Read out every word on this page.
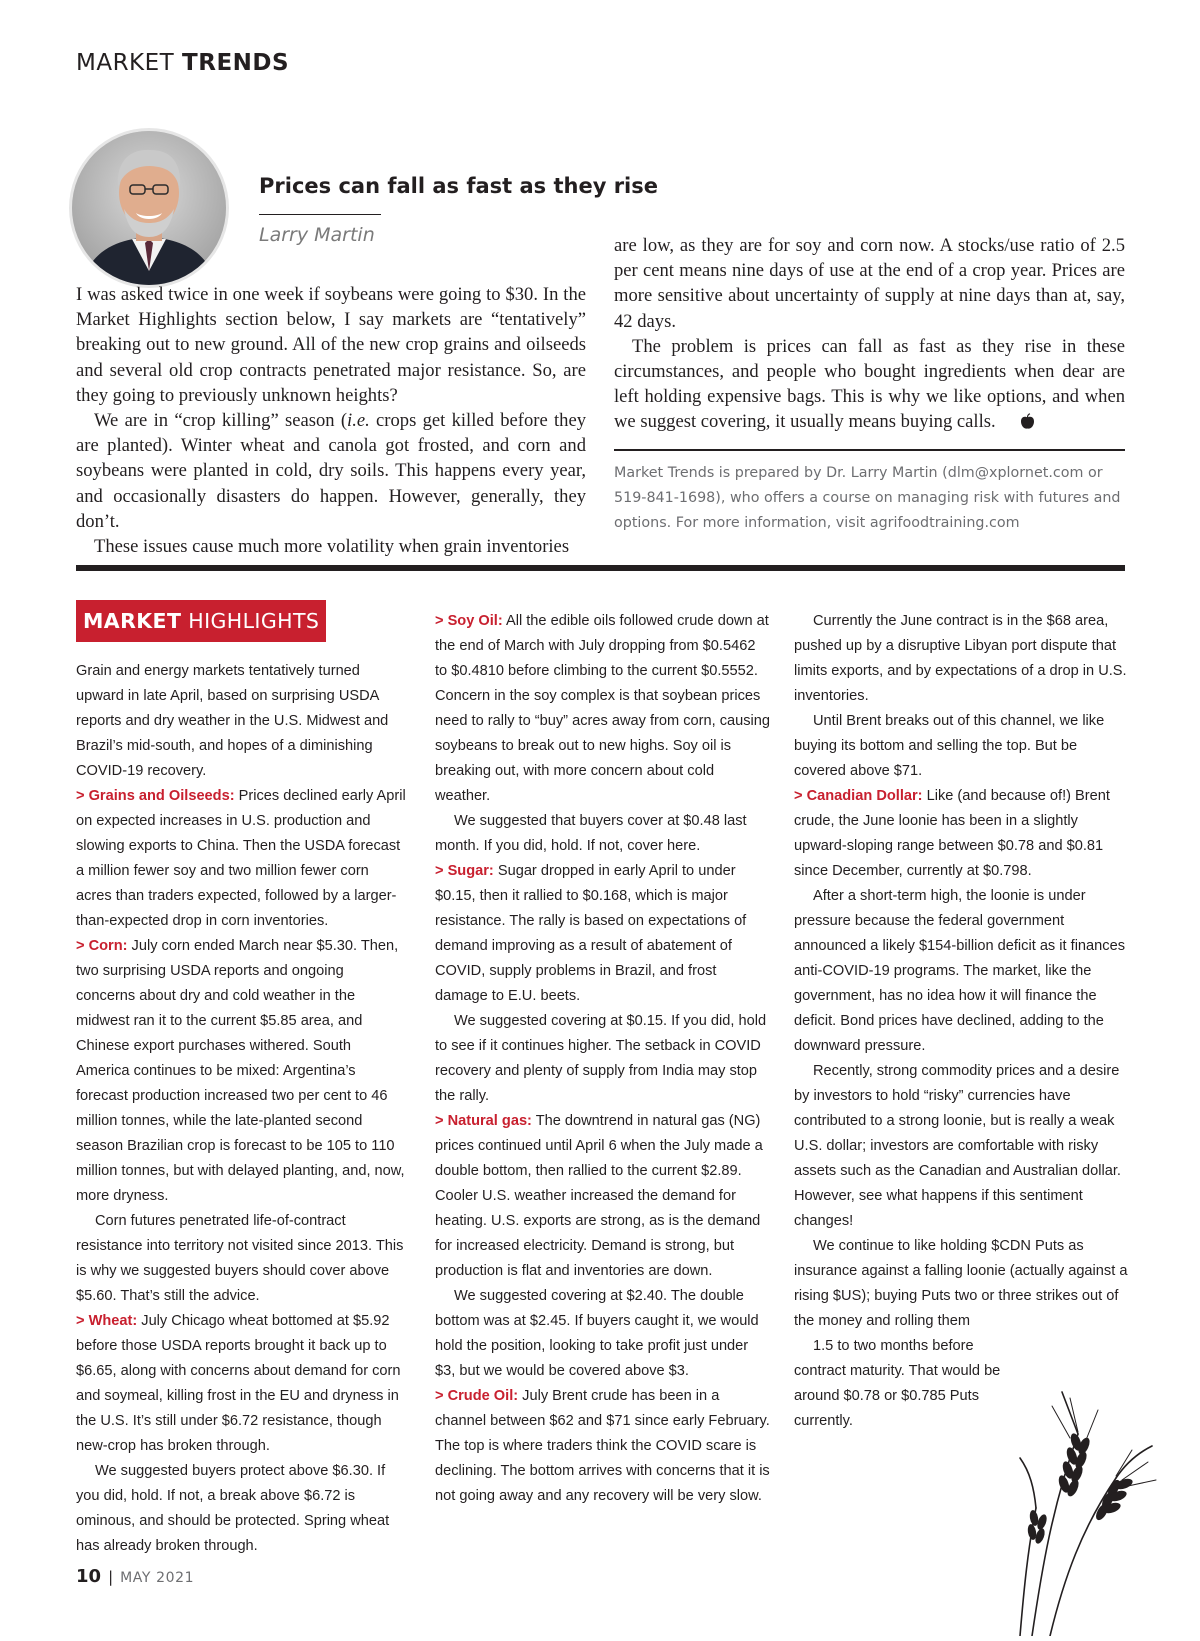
MARKET TRENDS
Prices can fall as fast as they rise
Larry Martin

I was asked twice in one week if soybeans were going to $30. In the Market Highlights section below, I say markets are “tentatively” breaking out to new ground. All of the new crop grains and oilseeds and several old crop contracts penetrated major resistance. So, are they going to previously unknown heights?

We are in “crop killing” season (i.e. crops get killed before they are planted). Winter wheat and canola got frosted, and corn and soybeans were planted in cold, dry soils. This happens every year, and occasionally disasters do happen. However, generally, they don’t.

These issues cause much more volatility when grain inventories

are low, as they are for soy and corn now. A stocks/use ratio of 2.5 per cent means nine days of use at the end of a crop year. Prices are more sensitive about uncertainty of supply at nine days than at, say, 42 days.

The problem is prices can fall as fast as they rise in these circumstances, and people who bought ingredients when dear are left holding expensive bags. This is why we like options, and when we suggest covering, it usually means buying calls.

Market Trends is prepared by Dr. Larry Martin (dlm@xplornet.com or 519-841-1698), who offers a course on managing risk with futures and options. For more information, visit agrifoodtraining.com
MARKET HIGHLIGHTS

Grain and energy markets tentatively turned upward in late April, based on surprising USDA reports and dry weather in the U.S. Midwest and Brazil’s mid-south, and hopes of a diminishing COVID-19 recovery.

> Grains and Oilseeds: Prices declined early April on expected increases in U.S. production and slowing exports to China. Then the USDA forecast a million fewer soy and two million fewer corn acres than traders expected, followed by a larger-than-expected drop in corn inventories.

> Corn: July corn ended March near $5.30. Then, two surprising USDA reports and ongoing concerns about dry and cold weather in the midwest ran it to the current $5.85 area, and Chinese export purchases withered. South America continues to be mixed: Argentina’s forecast production increased two per cent to 46 million tonnes, while the late-planted second season Brazilian crop is forecast to be 105 to 110 million tonnes, but with delayed planting, and, now, more dryness.

Corn futures penetrated life-of-contract resistance into territory not visited since 2013. This is why we suggested buyers should cover above $5.60. That’s still the advice.

> Wheat: July Chicago wheat bottomed at $5.92 before those USDA reports brought it back up to $6.65, along with concerns about demand for corn and soymeal, killing frost in the EU and dryness in the U.S. It’s still under $6.72 resistance, though new-crop has broken through.

We suggested buyers protect above $6.30. If you did, hold. If not, a break above $6.72 is ominous, and should be protected. Spring wheat has already broken through.

> Soy Oil: All the edible oils followed crude down at the end of March with July dropping from $0.5462 to $0.4810 before climbing to the current $0.5552. Concern in the soy complex is that soybean prices need to rally to “buy” acres away from corn, causing soybeans to break out to new highs. Soy oil is breaking out, with more concern about cold weather.

We suggested that buyers cover at $0.48 last month. If you did, hold. If not, cover here.

> Sugar: Sugar dropped in early April to under $0.15, then it rallied to $0.168, which is major resistance. The rally is based on expectations of demand improving as a result of abatement of COVID, supply problems in Brazil, and frost damage to E.U. beets.

We suggested covering at $0.15. If you did, hold to see if it continues higher. The setback in COVID recovery and plenty of supply from India may stop the rally.

> Natural gas: The downtrend in natural gas (NG) prices continued until April 6 when the July made a double bottom, then rallied to the current $2.89. Cooler U.S. weather increased the demand for heating. U.S. exports are strong, as is the demand for increased electricity. Demand is strong, but production is flat and inventories are down.

We suggested covering at $2.40. The double bottom was at $2.45. If buyers caught it, we would hold the position, looking to take profit just under $3, but we would be covered above $3.

> Crude Oil: July Brent crude has been in a channel between $62 and $71 since early February. The top is where traders think the COVID scare is declining. The bottom arrives with concerns that it is not going away and any recovery will be very slow.

Currently the June contract is in the $68 area, pushed up by a disruptive Libyan port dispute that limits exports, and by expectations of a drop in U.S. inventories.

Until Brent breaks out of this channel, we like buying its bottom and selling the top. But be covered above $71.

> Canadian Dollar: Like (and because of!) Brent crude, the June loonie has been in a slightly upward-sloping range between $0.78 and $0.81 since December, currently at $0.798.

After a short-term high, the loonie is under pressure because the federal government announced a likely $154-billion deficit as it finances anti-COVID-19 programs. The market, like the government, has no idea how it will finance the deficit. Bond prices have declined, adding to the downward pressure.

Recently, strong commodity prices and a desire by investors to hold “risky” currencies have contributed to a strong loonie, but is really a weak U.S. dollar; investors are comfortable with risky assets such as the Canadian and Australian dollar. However, see what happens if this sentiment changes!

We continue to like holding $CDN Puts as insurance against a falling loonie (actually against a rising $US); buying Puts two or three strikes out of the money and rolling them
1.5 to two months before contract maturity. That would be around $0.78 or $0.785 Puts currently.

10 | MAY 2021
